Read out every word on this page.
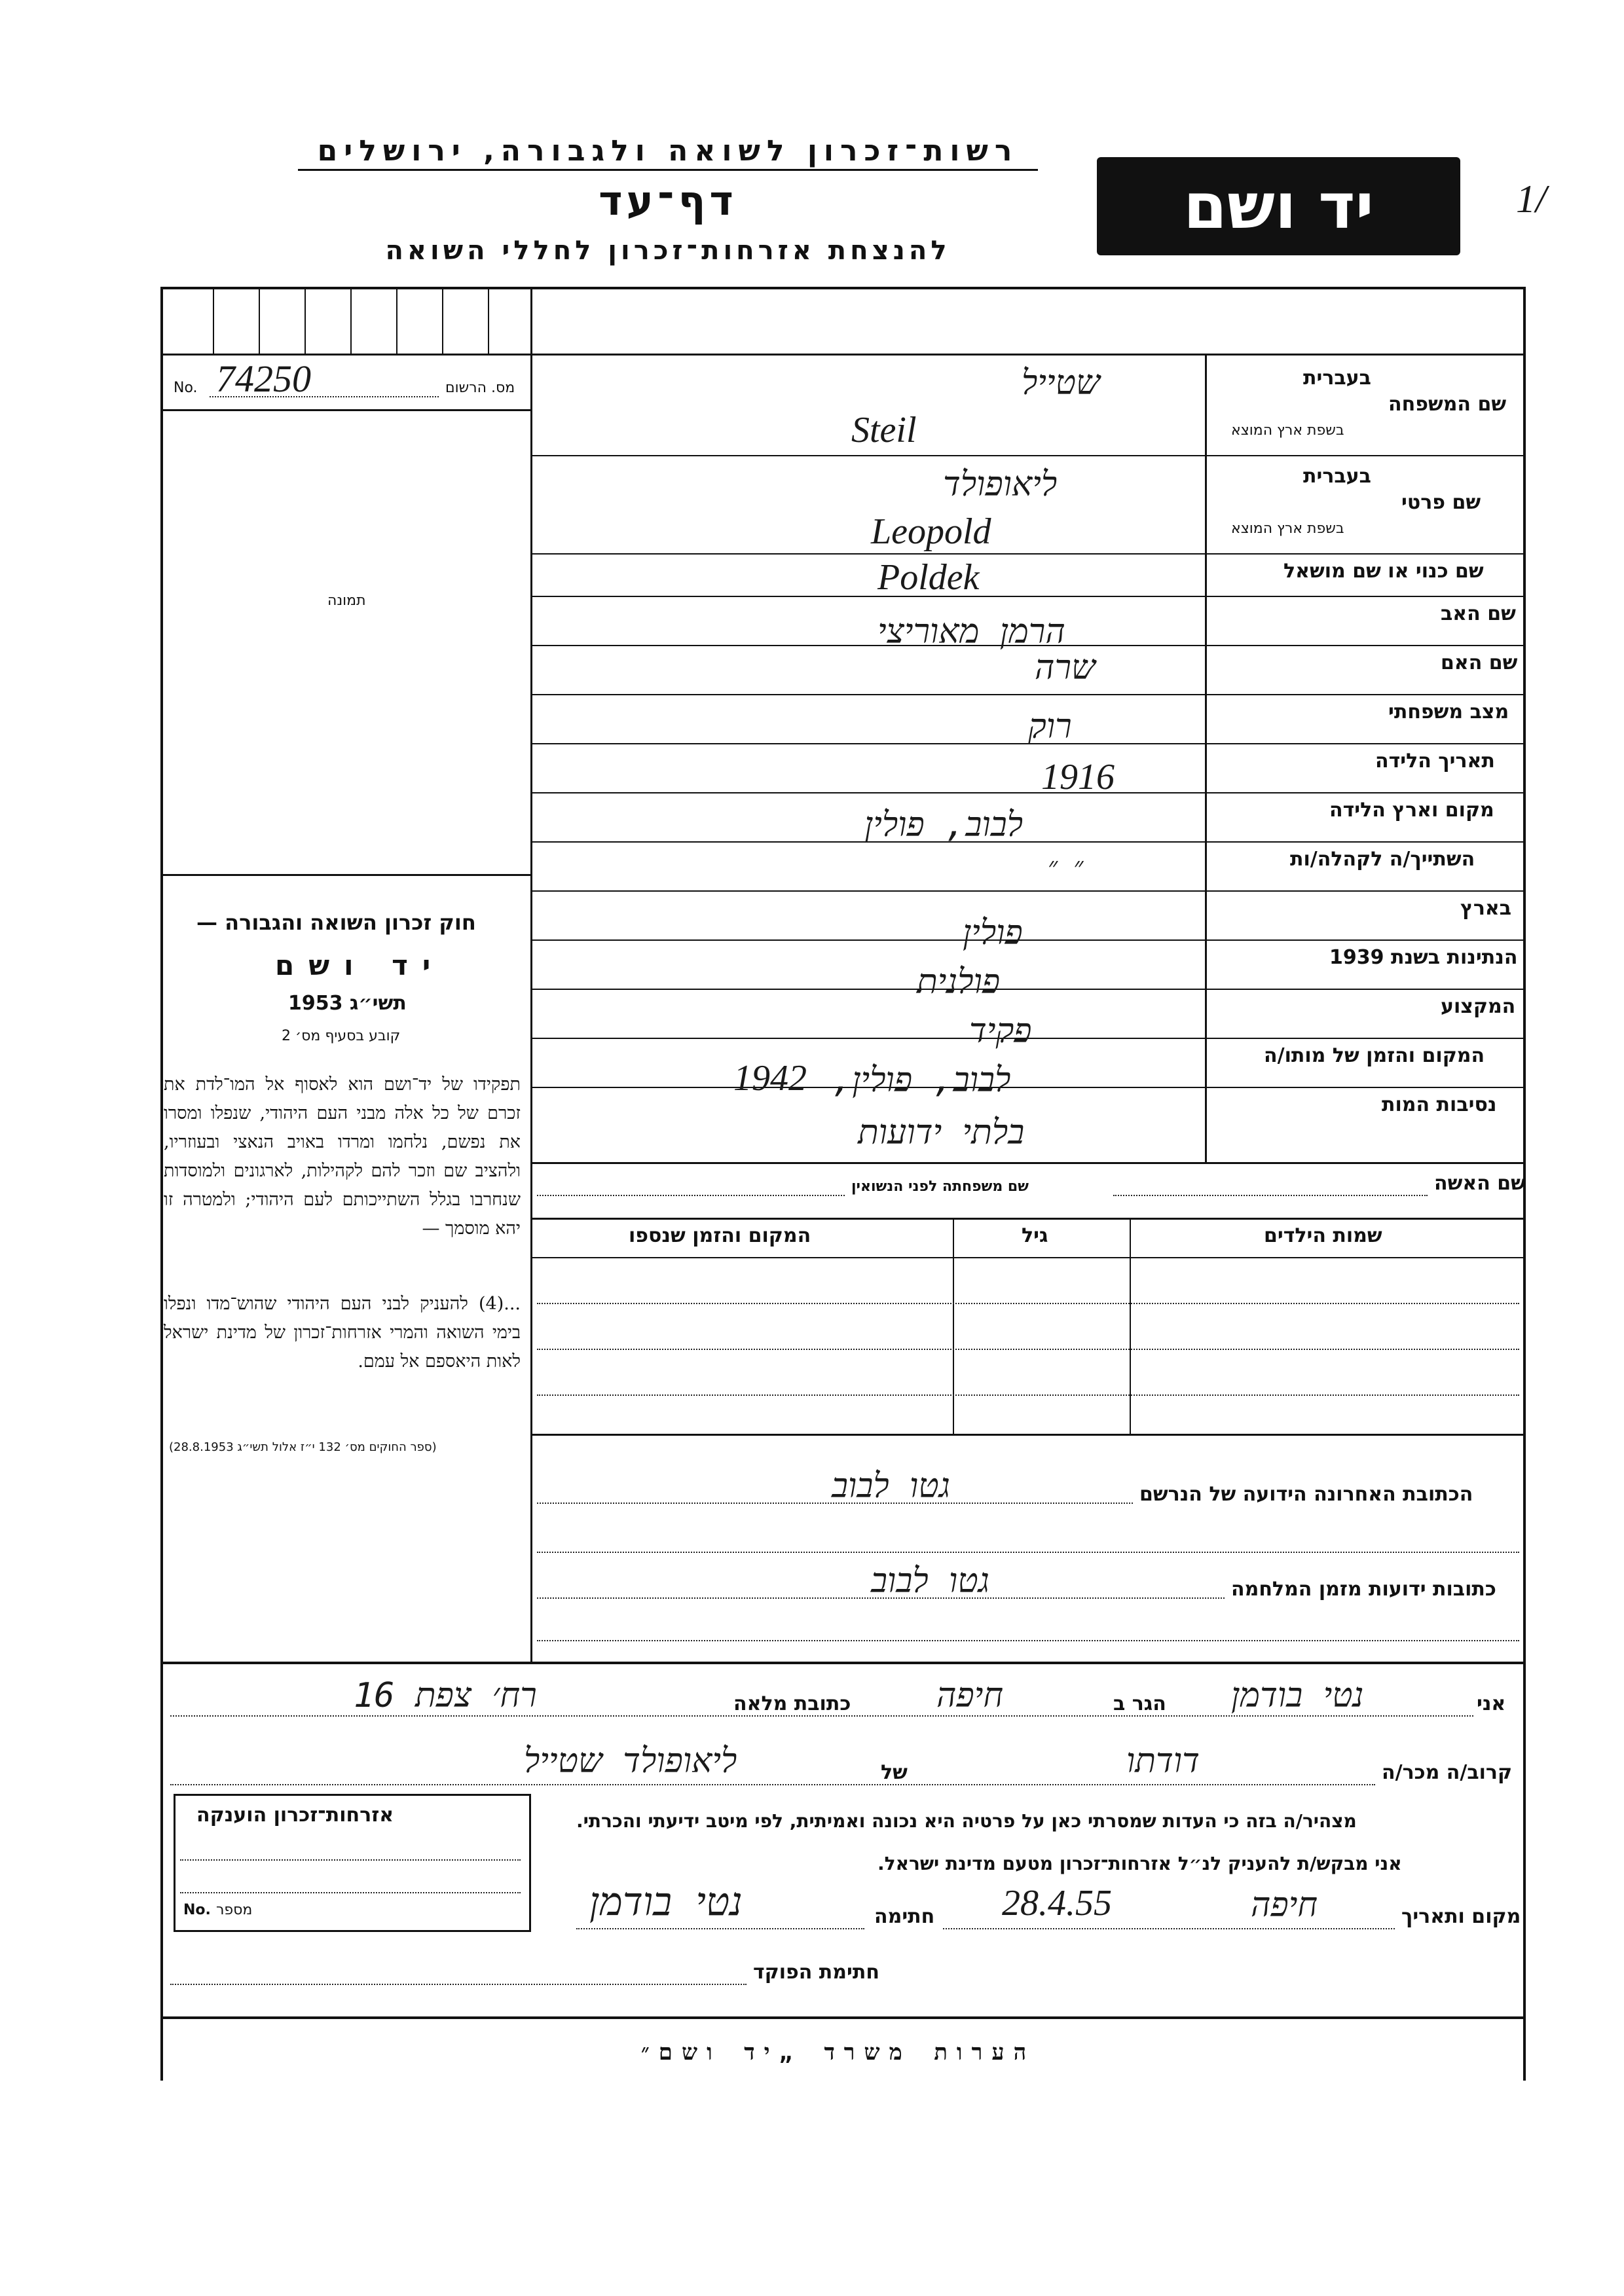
רשות־זכרון לשואה ולגבורה, ירושלים
דף־עד
להנצחת אזרחות־זכרון לחללי השואה
יד ושם	1/
No. 74250	מס. הרשום
תמונה
בעברית
שם המשפחה
בשפת ארץ המוצא
בעברית
שם פרטי
בשפת ארץ המוצא
שם כנוי או שם מושאל
שם האב
שם האם
מצב משפחתי
תאריך הלידה
מקום וארץ הלידה
השתייך/ה לקהלה/ות
בארץ
הנתינות בשנת 1939
המקצוע
המקום והזמן של מותו/ה
נסיבות המות
שטייל
Steil
ליאופולד
Leopold
Poldek
הרמן מאוריצי
שרה
רוק
1916
לבוב, פולין
״ ״
פולין
פולנית
פקיד
1942 לבוב, פולין,
בלתי ידועות
שם האשה
שם משפחתה לפני הנשואין
שמות הילדים
גיל
המקום והזמן שנספו
חוק זכרון השואה והגבורה —
יד ושם
תשי״ג 1953
קובע בסעיף מס׳ 2
תפקידו של יד־ושם הוא לאסוף אל המו־לדת את זכרם של כל אלה מבני העם היהודי, שנפלו ומסרו את נפשם, נלחמו ומרדו באויב הנאצי ובעוזריו, ולהציב שם וזכר להם לקהילות, לארגונים ולמוסדות שנחרבו בגלל השתייכותם לעם היהודי; ולמטרה זו יהא מוסמך —
...(4) להעניק לבני העם היהודי שהוש־מדו ונפלו בימי השואה והמרי אזרחות־זכרון של מדינת ישראל לאות היאספם אל עמם.
(ספר החוקים מס׳ 132 י״ז אלול תשי״ג 28.8.1953)
הכתובת האחרונה הידועה של הנרשם
גטו לבוב
כתובות ידועות מזמן המלחמה
גטו לבוב
אני
נטי בודמן
הגר ב
חיפה
כתובת מלאה
רח׳ צפת 16
קרוב/ה מכר/ה
דודתו
של
ליאופולד שטייל
מצהיר/ה בזה כי העדות שמסרתי כאן על פרטיה היא נכונה ואמיתית, לפי מיטב ידיעתי והכרתי.
אני מבקש/ת להעניק לנ״ל אזרחות־זכרון מטעם מדינת ישראל.
מקום ותאריך
חיפה
28.4.55
חתימה
נטי בודמן
חתימת הפוקד
אזרחות־זכרון הוענקה
No. מספר
הערות משרד „יד ושם״
